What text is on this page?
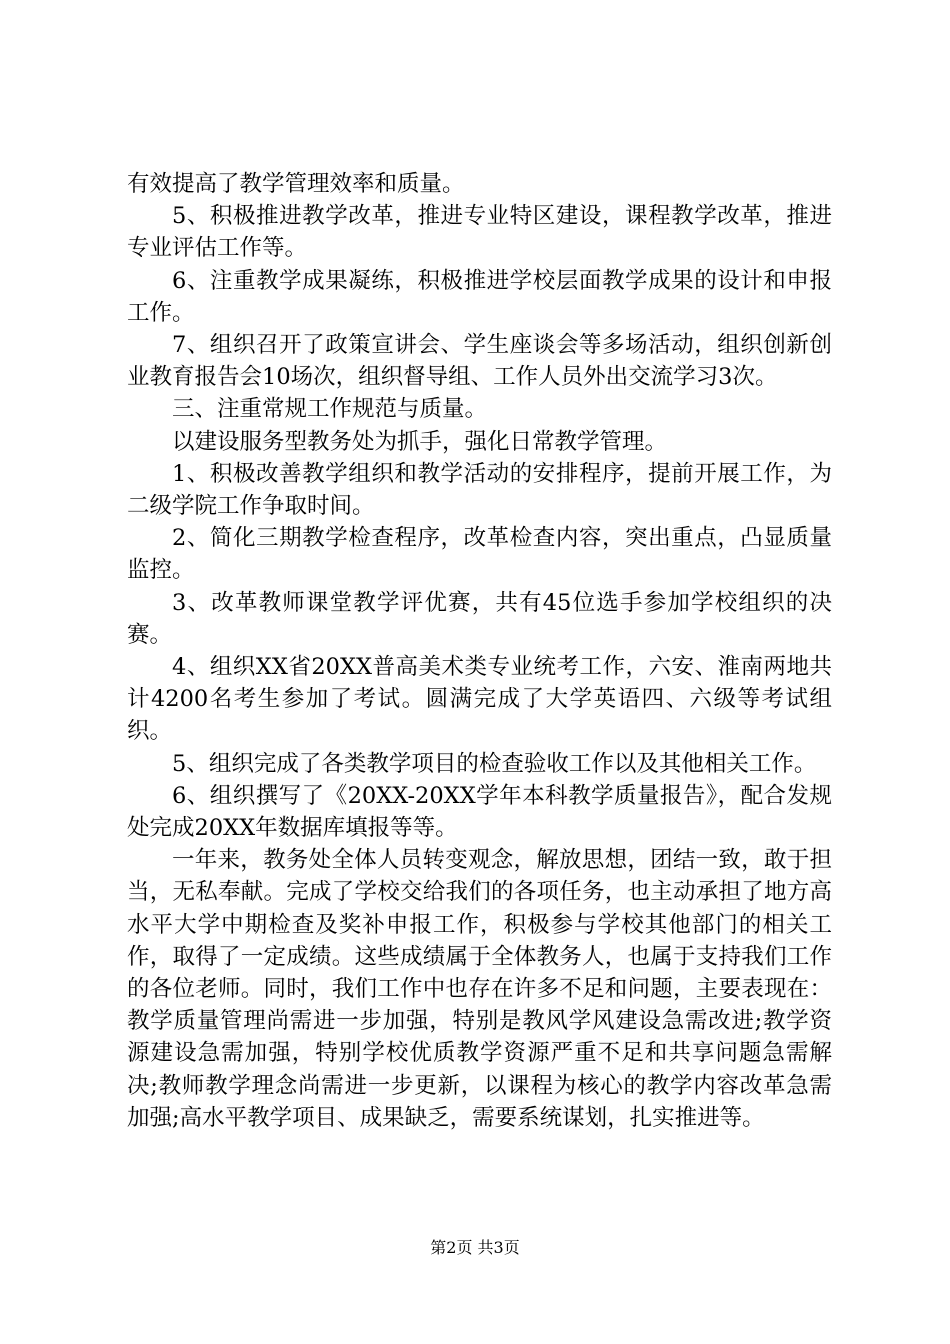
有效提高了教学管理效率和质量。

5、积极推进教学改革，推进专业特区建设，课程教学改革，推进专业评估工作等。

6、注重教学成果凝练，积极推进学校层面教学成果的设计和申报工作。

7、组织召开了政策宣讲会、学生座谈会等多场活动，组织创新创业教育报告会10场次，组织督导组、工作人员外出交流学习3次。

三、注重常规工作规范与质量。

以建设服务型教务处为抓手，强化日常教学管理。

1、积极改善教学组织和教学活动的安排程序，提前开展工作，为二级学院工作争取时间。

2、简化三期教学检查程序，改革检查内容，突出重点，凸显质量监控。

3、改革教师课堂教学评优赛，共有45位选手参加学校组织的决赛。

4、组织XX省20XX普高美术类专业统考工作，六安、淮南两地共计4200名考生参加了考试。圆满完成了大学英语四、六级等考试组织。

5、组织完成了各类教学项目的检查验收工作以及其他相关工作。

6、组织撰写了《20XX-20XX学年本科教学质量报告》，配合发规处完成20XX年数据库填报等等。

一年来，教务处全体人员转变观念，解放思想，团结一致，敢于担当，无私奉献。完成了学校交给我们的各项任务，也主动承担了地方高水平大学中期检查及奖补申报工作，积极参与学校其他部门的相关工作，取得了一定成绩。这些成绩属于全体教务人，也属于支持我们工作的各位老师。同时，我们工作中也存在许多不足和问题，主要表现在：教学质量管理尚需进一步加强，特别是教风学风建设急需改进;教学资源建设急需加强，特别学校优质教学资源严重不足和共享问题急需解决;教师教学理念尚需进一步更新，以课程为核心的教学内容改革急需加强;高水平教学项目、成果缺乏，需要系统谋划，扎实推进等。

第2页 共3页
